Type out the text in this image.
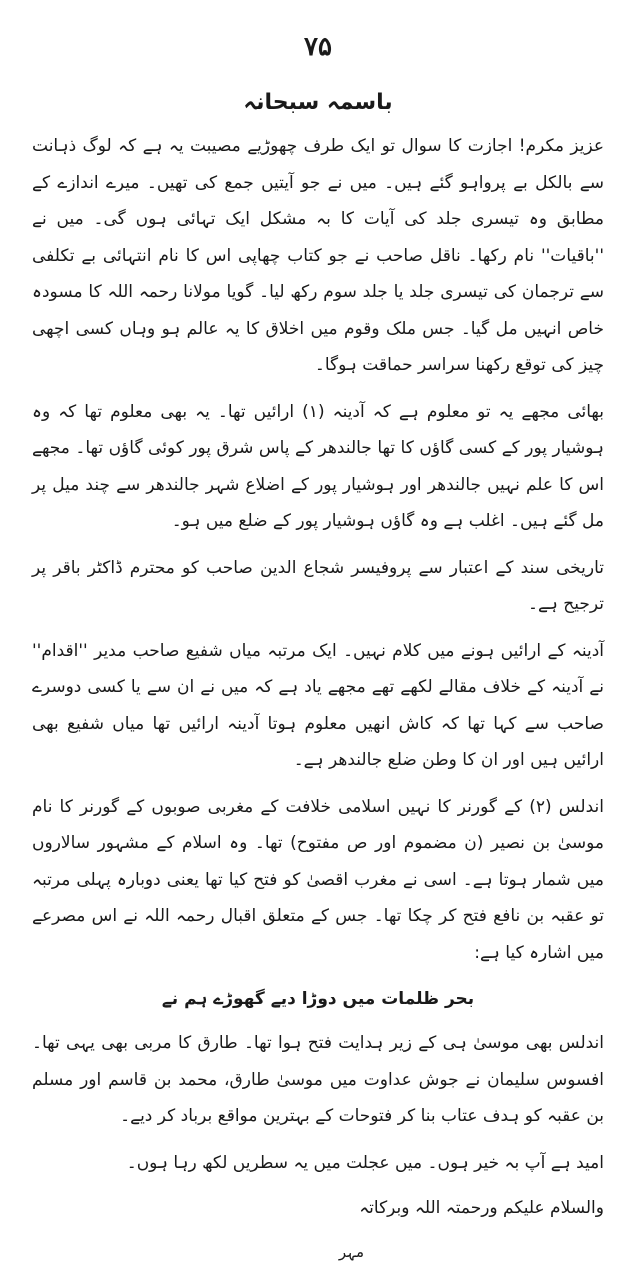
۷۵
باسمہ سبحانہ

عزیز مکرم! اجازت کا سوال تو ایک طرف چھوڑیے مصیبت یہ ہے کہ لوگ ذہانت سے بالکل بے پرواہو گئے ہیں۔ میں نے جو آیتیں جمع کی تھیں۔ میرے اندازے کے مطابق وہ تیسری جلد کی آیات کا بہ مشکل ایک تہائی ہوں گی۔ میں نے ''باقیات'' نام رکھا۔ ناقل صاحب نے جو کتاب چھاپی اس کا نام انتہائی بے تکلفی سے ترجمان کی تیسری جلد یا جلد سوم رکھ لیا۔ گویا مولانا رحمہ اللہ کا مسودہ خاص انہیں مل گیا۔ جس ملک وقوم میں اخلاق کا یہ عالم ہو وہاں کسی اچھی چیز کی توقع رکھنا سراسر حماقت ہوگا۔

بھائی مجھے یہ تو معلوم ہے کہ آدینہ (۱) ارائیں تھا۔ یہ بھی معلوم تھا کہ وہ ہوشیار پور کے کسی گاؤں کا تھا جالندھر کے پاس شرق پور کوئی گاؤں تھا۔ مجھے اس کا علم نہیں جالندھر اور ہوشیار پور کے اضلاع شہر جالندھر سے چند میل پر مل گئے ہیں۔ اغلب ہے وہ گاؤں ہوشیار پور کے ضلع میں ہو۔

تاریخی سند کے اعتبار سے پروفیسر شجاع الدین صاحب کو محترم ڈاکٹر باقر پر ترجیح ہے۔

آدینہ کے ارائیں ہونے میں کلام نہیں۔ ایک مرتبہ میاں شفیع صاحب مدیر ''اقدام'' نے آدینہ کے خلاف مقالے لکھے تھے مجھے یاد ہے کہ میں نے ان سے یا کسی دوسرے صاحب سے کہا تھا کہ کاش انھیں معلوم ہوتا آدینہ ارائیں تھا میاں شفیع بھی ارائیں ہیں اور ان کا وطن ضلع جالندھر ہے۔

اندلس (۲) کے گورنر کا نہیں اسلامی خلافت کے مغربی صوبوں کے گورنر کا نام موسیٰ بن نصیر (ن مضموم اور ص مفتوح) تھا۔ وہ اسلام کے مشہور سالاروں میں شمار ہوتا ہے۔ اسی نے مغرب اقصیٰ کو فتح کیا تھا یعنی دوبارہ پہلی مرتبہ تو عقبہ بن نافع فتح کر چکا تھا۔ جس کے متعلق اقبال رحمہ اللہ نے اس مصرعے میں اشارہ کیا ہے:

بحر ظلمات میں دوڑا دیے گھوڑے ہم نے

اندلس بھی موسیٰ ہی کے زیر ہدایت فتح ہوا تھا۔ طارق کا مربی بھی یہی تھا۔ افسوس سلیمان نے جوش عداوت میں موسیٰ طارق، محمد بن قاسم اور مسلم بن عقبہ کو ہدف عتاب بنا کر فتوحات کے بہترین مواقع برباد کر دیے۔

امید ہے آپ بہ خیر ہوں۔ میں عجلت میں یہ سطریں لکھ رہا ہوں۔

والسلام علیکم ورحمتہ اللہ وبرکاتہ
مہر
